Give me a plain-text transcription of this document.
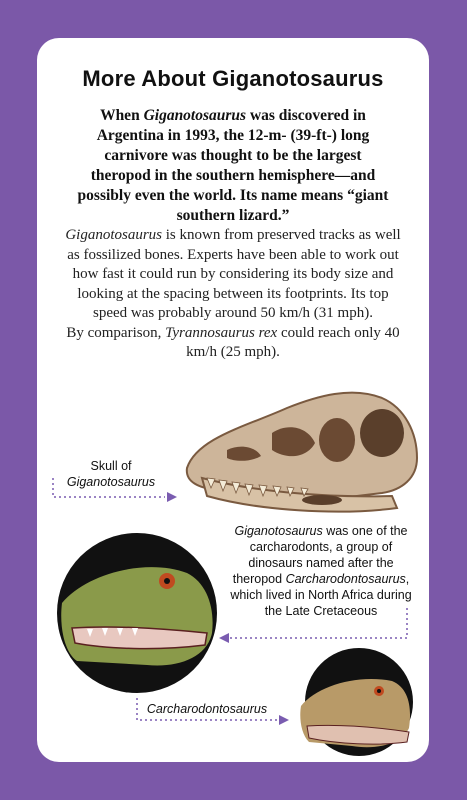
More About Giganotosaurus
When Giganotosaurus was discovered in Argentina in 1993, the 12-m- (39-ft-) long carnivore was thought to be the largest theropod in the southern hemisphere—and possibly even the world. Its name means “giant southern lizard.”

Giganotosaurus is known from preserved tracks as well as fossilized bones. Experts have been able to work out how fast it could run by considering its body size and looking at the spacing between its footprints. Its top speed was probably around 50 km/h (31 mph).

By comparison, Tyrannosaurus rex could reach only 40 km/h (25 mph).

Skull of
Giganotosaurus
Giganotosaurus was one of the carcharodonts, a group of dinosaurs named after the theropod Carcharodontosaurus, which lived in North Africa during the Late Cretaceous
Carcharodontosaurus
